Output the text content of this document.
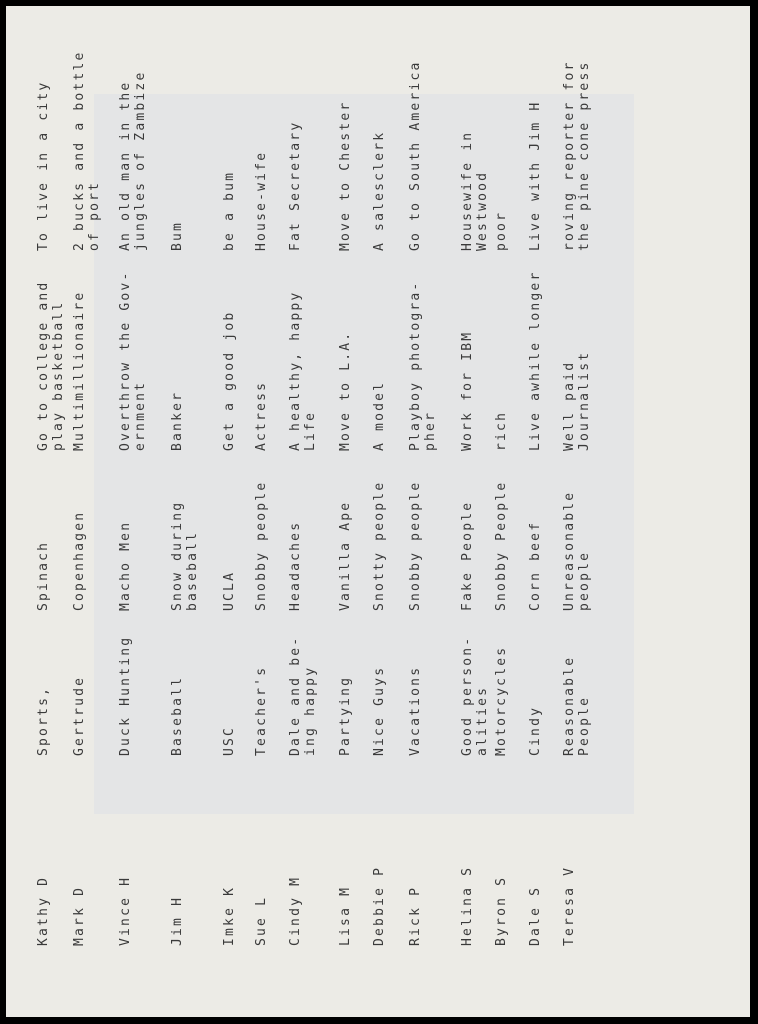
Kathy D
Sports,
Spinach
Go to college and
play basketball
To live in a city
Mark D
Gertrude
Copenhagen
Multimillionaire
2 bucks and a bottle
of port
Vince H
Duck Hunting
Macho Men
Overthrow the Gov-
ernment
An old man in the
jungles of Zambize
Jim H
Baseball
Snow during
baseball
Banker
Bum
Imke K
USC
UCLA
Get a good job
be a bum
Sue L
Teacher's
Snobby people
Actress
House-wife
Cindy M
Dale and be-
ing happy
Headaches
A healthy, happy
Life
Fat Secretary
Lisa M
Partying
Vanilla Ape
Move to L.A.
Move to Chester
Debbie P
Nice Guys
Snotty people
A model
A salesclerk
Rick P
Vacations
Snobby people
Playboy photogra-
pher
Go to South America
Helina S
Good person-
alities
Fake People
Work for IBM
Housewife in Westwood
Byron S
Motorcycles
Snobby People
rich
poor
Dale S
Cindy
Corn beef
Live awhile longer
Live with Jim H
Teresa V
Reasonable
People
Unreasonable
people
Well paid
Journalist
roving reporter for
the pine cone press
